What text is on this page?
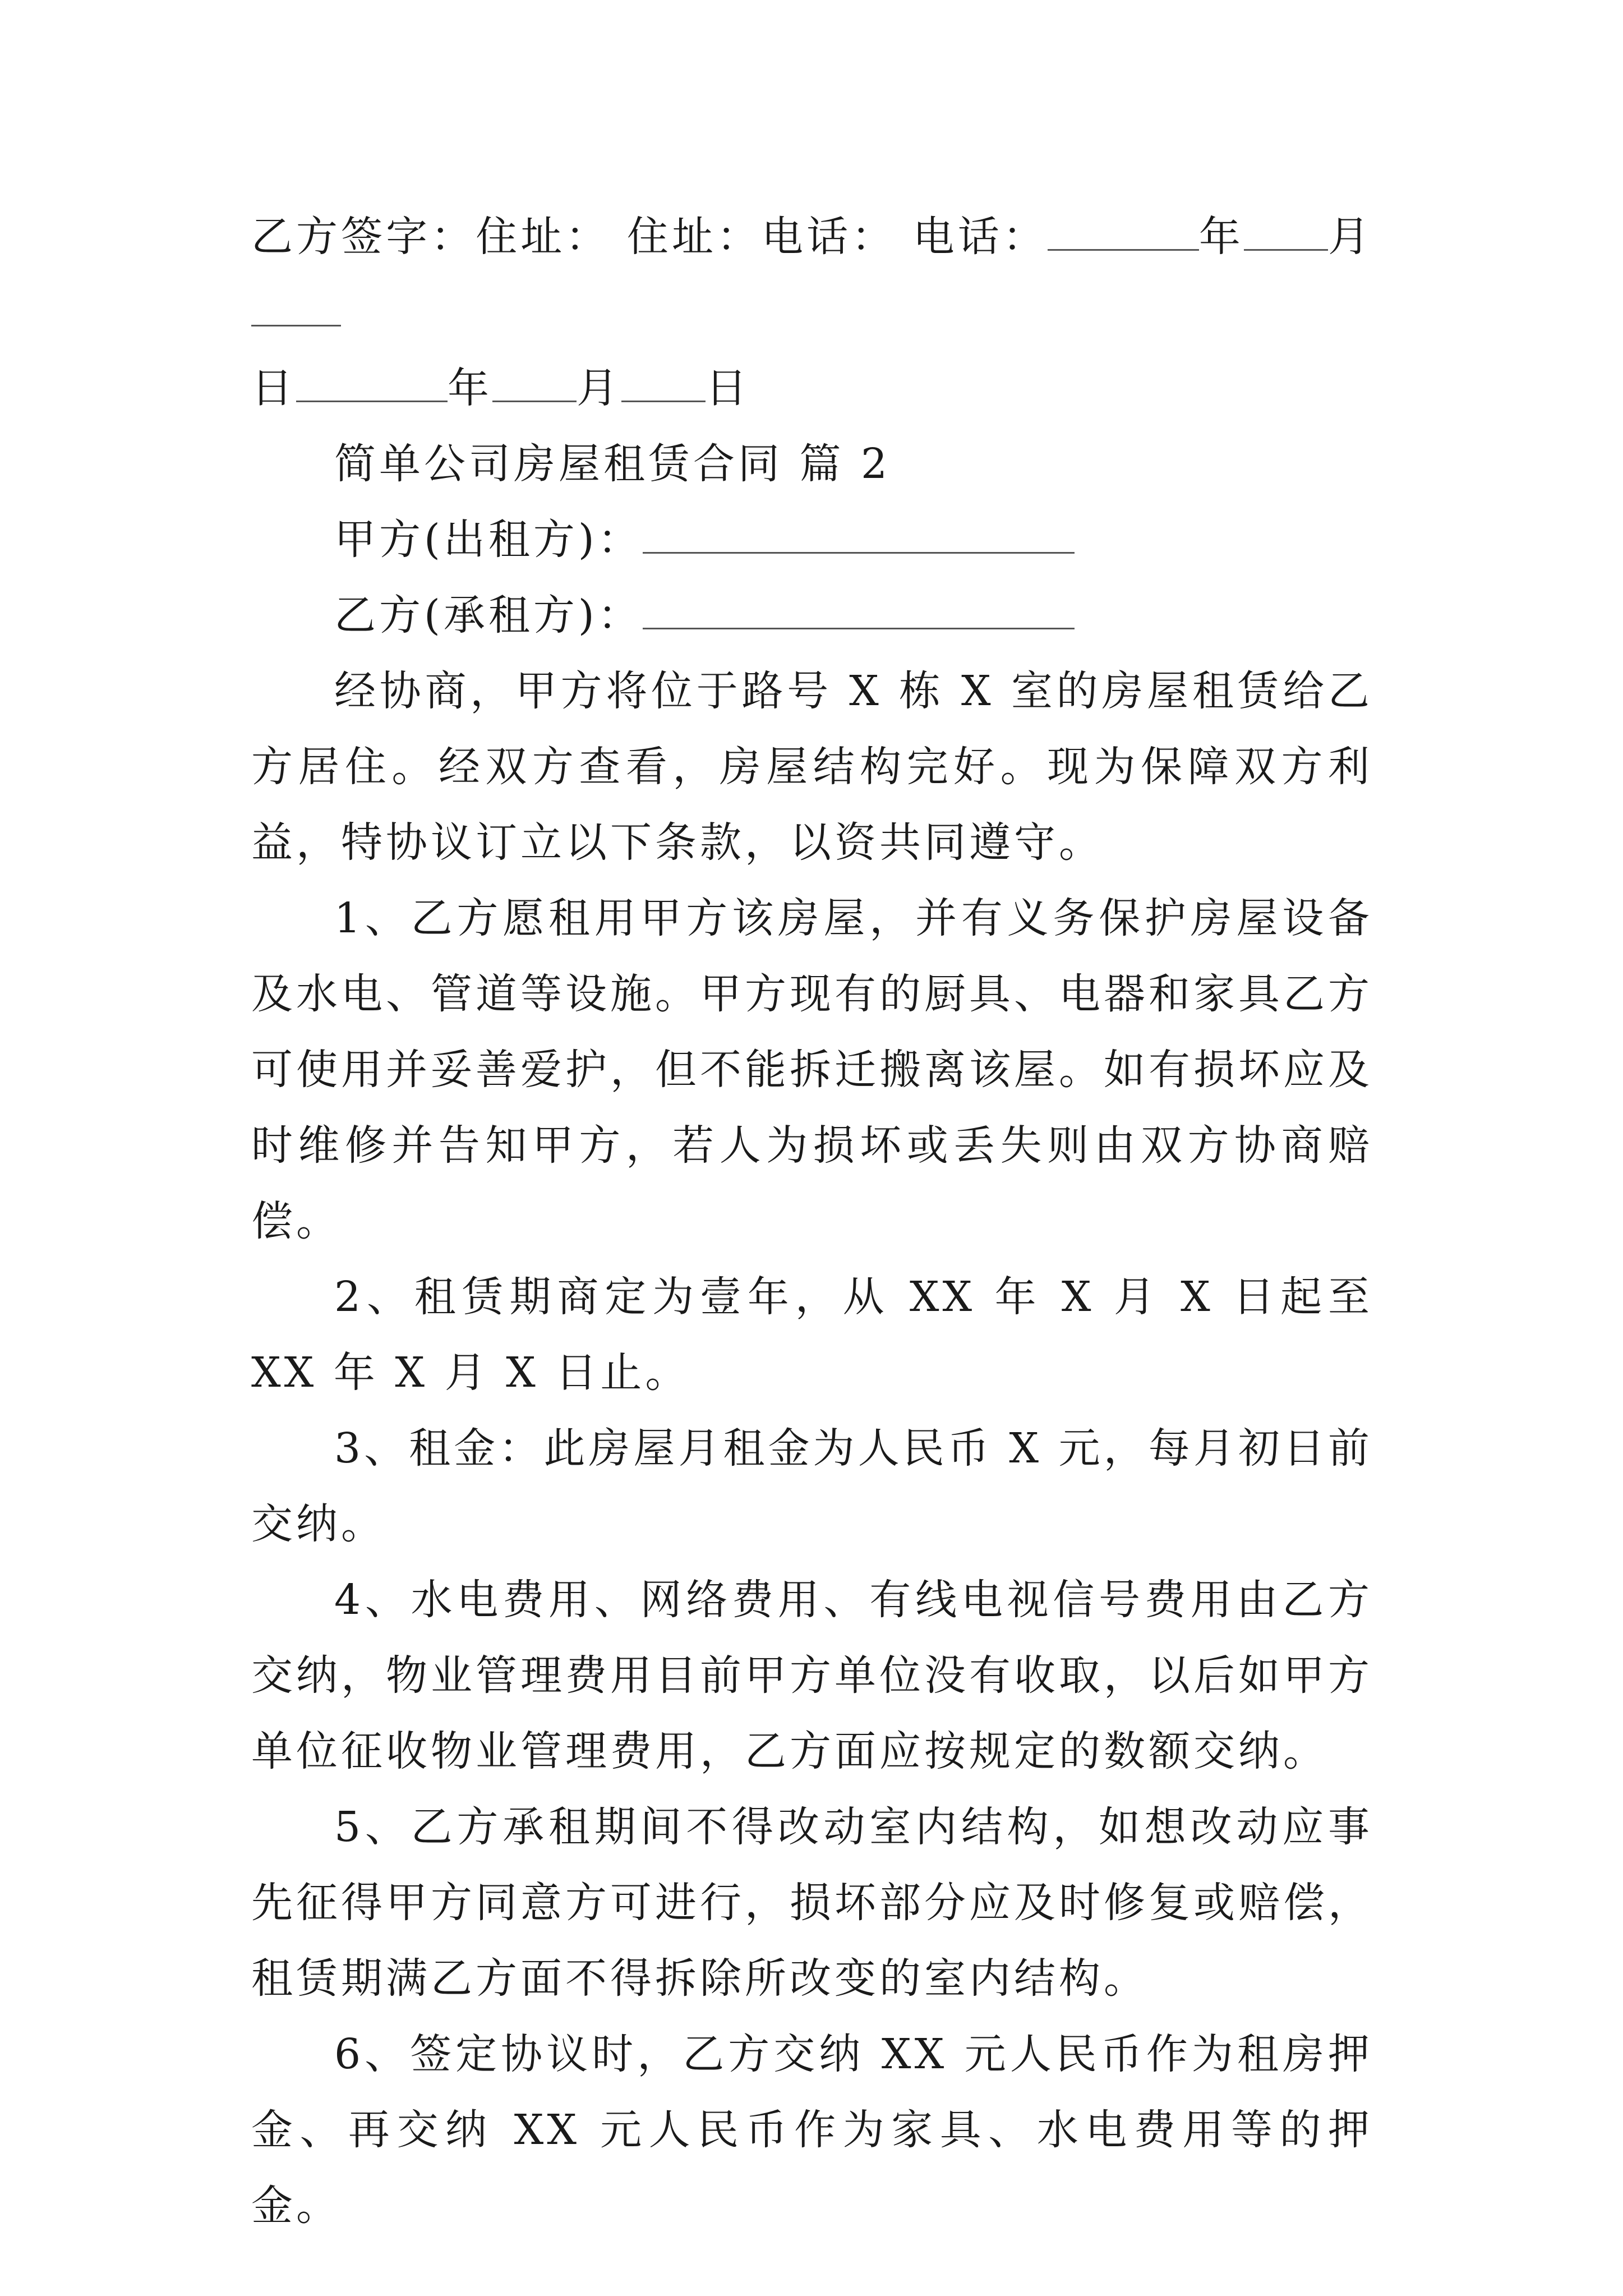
乙方签字：住址： 住址：电话： 电话：	年 月
日	年 月 日

简单公司房屋租赁合同 篇 2

甲方(出租方)：

乙方(承租方)：

经协商，甲方将位于路号 X 栋 X 室的房屋租赁给乙方居住。经双方查看，房屋结构完好。现为保障双方利益，特协议订立以下条款，以资共同遵守。

1、乙方愿租用甲方该房屋，并有义务保护房屋设备及水电、管道等设施。甲方现有的厨具、电器和家具乙方可使用并妥善爱护，但不能拆迁搬离该屋。如有损坏应及时维修并告知甲方，若人为损坏或丢失则由双方协商赔偿。

2、租赁期商定为壹年，从 XX 年 X 月 X 日起至 XX 年 X 月 X 日止。

3、租金：此房屋月租金为人民币 X 元，每月初日前交纳。

4、水电费用、网络费用、有线电视信号费用由乙方交纳，物业管理费用目前甲方单位没有收取，以后如甲方单位征收物业管理费用，乙方面应按规定的数额交纳。

5、乙方承租期间不得改动室内结构，如想改动应事先征得甲方同意方可进行，损坏部分应及时修复或赔偿，租赁期满乙方面不得拆除所改变的室内结构。

6、签定协议时，乙方交纳 XX 元人民币作为租房押金、再交纳 XX 元人民币作为家具、水电费用等的押金。
